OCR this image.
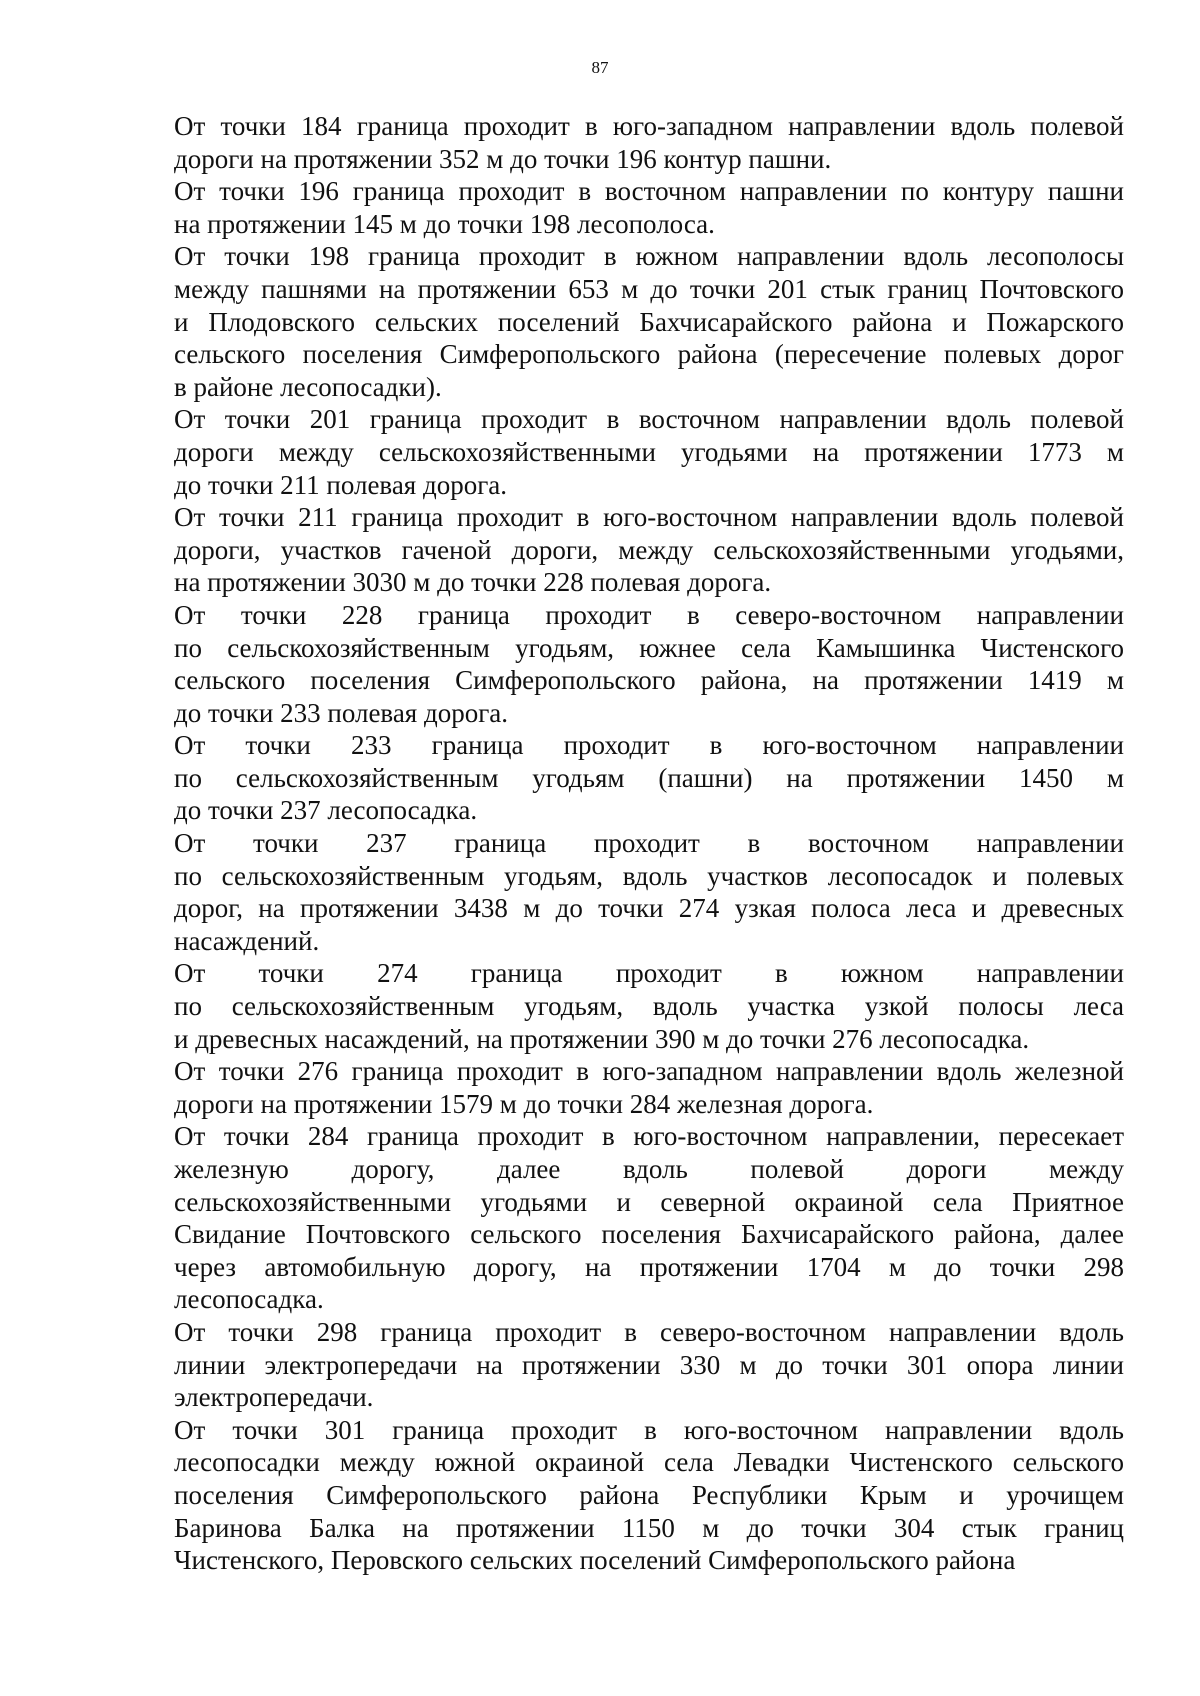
87

От точки 184 граница проходит в юго-западном направлении вдоль полевой
дороги на протяжении 352 м до точки 196 контур пашни.

От точки 196 граница проходит в восточном направлении по контуру пашни
на протяжении 145 м до точки 198 лесополоса.

От точки 198 граница проходит в южном направлении вдоль лесополосы
между пашнями на протяжении 653 м до точки 201 стык границ Почтовского
и Плодовского сельских поселений Бахчисарайского района и Пожарского
сельского поселения Симферопольского района (пересечение полевых дорог
в районе лесопосадки).

От точки 201 граница проходит в восточном направлении вдоль полевой
дороги между сельскохозяйственными угодьями на протяжении 1773 м
до точки 211 полевая дорога.

От точки 211 граница проходит в юго-восточном направлении вдоль полевой
дороги, участков гаченой дороги, между сельскохозяйственными угодьями,
на протяжении 3030 м до точки 228 полевая дорога.

От точки 228 граница проходит в северо-восточном направлении
по сельскохозяйственным угодьям, южнее села Камышинка Чистенского
сельского поселения Симферопольского района, на протяжении 1419 м
до точки 233 полевая дорога.

От точки 233 граница проходит в юго-восточном направлении
по сельскохозяйственным угодьям (пашни) на протяжении 1450 м
до точки 237 лесопосадка.

От точки 237 граница проходит в восточном направлении
по сельскохозяйственным угодьям, вдоль участков лесопосадок и полевых
дорог, на протяжении 3438 м до точки 274 узкая полоса леса и древесных
насаждений.

От точки 274 граница проходит в южном направлении
по сельскохозяйственным угодьям, вдоль участка узкой полосы леса
и древесных насаждений, на протяжении 390 м до точки 276 лесопосадка.

От точки 276 граница проходит в юго-западном направлении вдоль железной
дороги на протяжении 1579 м до точки 284 железная дорога.

От точки 284 граница проходит в юго-восточном направлении, пересекает
железную дорогу, далее вдоль полевой дороги между
сельскохозяйственными угодьями и северной окраиной села Приятное
Свидание Почтовского сельского поселения Бахчисарайского района, далее
через автомобильную дорогу, на протяжении 1704 м до точки 298
лесопосадка.

От точки 298 граница проходит в северо-восточном направлении вдоль
линии электропередачи на протяжении 330 м до точки 301 опора линии
электропередачи.

От точки 301 граница проходит в юго-восточном направлении вдоль
лесопосадки между южной окраиной села Левадки Чистенского сельского
поселения Симферопольского района Республики Крым и урочищем
Баринова Балка на протяжении 1150 м до точки 304 стык границ
Чистенского, Перовского сельских поселений Симферопольского района
